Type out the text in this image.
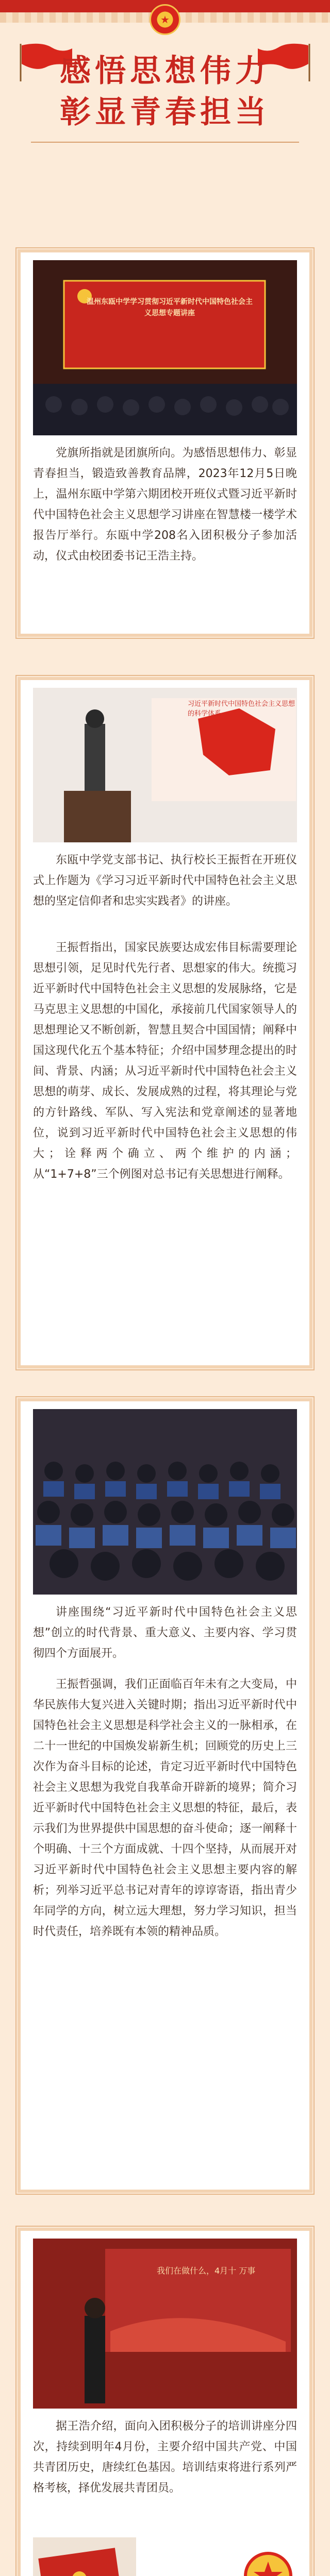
★
感悟思想伟力
彰显青春担当
温州东瓯中学学习贯彻习近平新时代中国特色社会主义思想专题讲座

党旗所指就是团旗所向。为感悟思想伟力、彰显青春担当，锻造致善教育品牌，2023年12月5日晚上，温州东瓯中学第六期团校开班仪式暨习近平新时代中国特色社会主义思想学习讲座在智慧楼一楼学术报告厅举行。东瓯中学208名入团积极分子参加活动，仪式由校团委书记王浩主持。

习近平新时代中国特色社会主义思想的科学体系

东瓯中学党支部书记、执行校长王振哲在开班仪式上作题为《学习习近平新时代中国特色社会主义思想的坚定信仰者和忠实实践者》的讲座。

王振哲指出，国家民族要达成宏伟目标需要理论思想引领，足见时代先行者、思想家的伟大。统揽习近平新时代中国特色社会主义思想的发展脉络，它是马克思主义思想的中国化，承接前几代国家领导人的思想理论又不断创新，智慧且契合中国国情；阐释中国这现代化五个基本特征；介绍中国梦理念提出的时间、背景、内涵；从习近平新时代中国特色社会主义思想的萌芽、成长、发展成熟的过程，将其理论与党的方针路线、军队、写入宪法和党章阐述的显著地位，说到习近平新时代中国特色社会主义思想的伟大；诠释两个确立、两个维护的内涵；从“1+7+8”三个例图对总书记有关思想进行阐释。

讲座围绕“习近平新时代中国特色社会主义思想”创立的时代背景、重大意义、主要内容、学习贯彻四个方面展开。

王振哲强调，我们正面临百年未有之大变局，中华民族伟大复兴进入关键时期；指出习近平新时代中国特色社会主义思想是科学社会主义的一脉相承，在二十一世纪的中国焕发崭新生机；回顾党的历史上三次作为奋斗目标的论述，肯定习近平新时代中国特色社会主义思想为我党自我革命开辟新的境界；简介习近平新时代中国特色社会主义思想的特征，最后，表示我们为世界提供中国思想的奋斗使命；逐一阐释十个明确、十三个方面成就、十四个坚持，从而展开对习近平新时代中国特色社会主义思想主要内容的解析；列举习近平总书记对青年的谆谆寄语，指出青少年同学的方向，树立远大理想，努力学习知识，担当时代责任，培养既有本领的精神品质。

我们在做什么，4月十 万事

据王浩介绍，面向入团积极分子的培训讲座分四次，持续到明年4月份，主要介绍中国共产党、中国共青团历史，唐续红色基因。培训结束将进行系列严格考核，择优发展共青团员。
